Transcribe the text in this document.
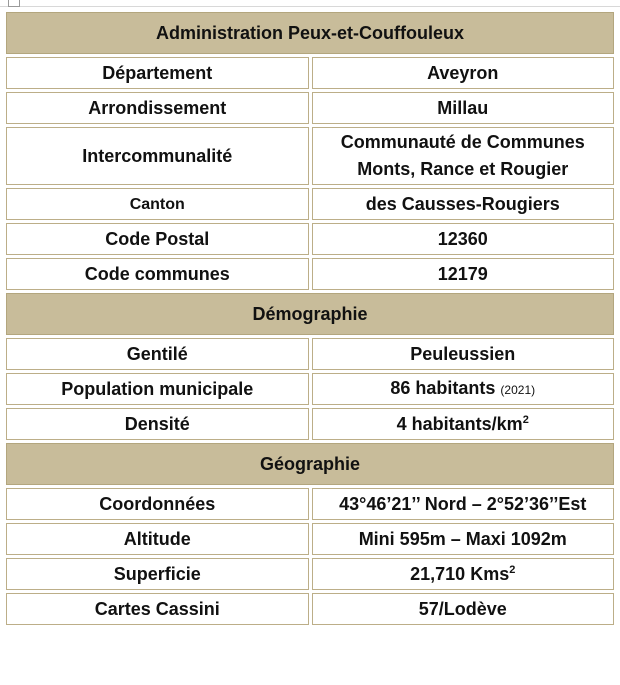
Administration Peux-et-Couffouleux	
Département	Aveyron
Arrondissement	Millau
Intercommunalité	Communauté de Communes
Monts, Rance et Rougier

Canton	des Causses-Rougiers
Code Postal	12360
Code communes	12179
Démographie	
Gentilé	Peuleussien
Population municipale	86 habitants (2021)
Densité	4 habitants/$km^2$
Géographie	
Coordonnées	43°46’21’’ Nord – 2°52’36’’Est
Altitude	Mini 595m – Maxi 1092m
Superficie	21,710 Kms$^2$
Cartes Cassini	57/Lodève
